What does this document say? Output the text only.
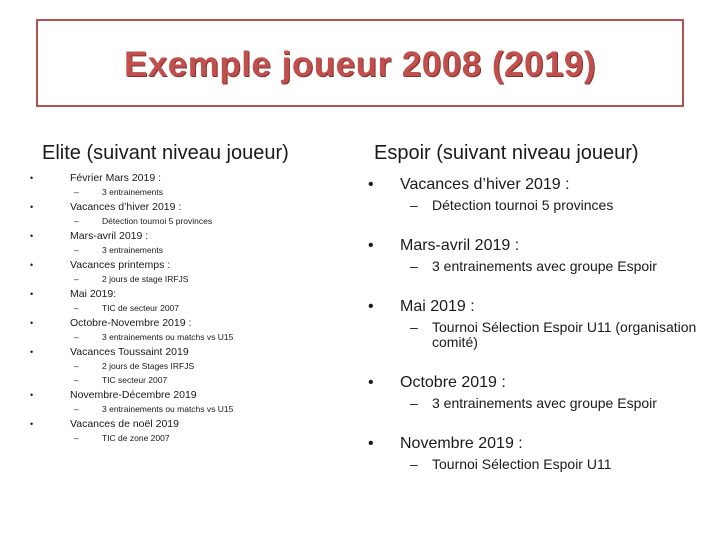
Exemple joueur 2008 (2019)
Elite (suivant niveau joueur)	Espoir (suivant niveau joueur)
•	Février Mars 2019 :
–	3 entrainements
•	Vacances d’hiver 2019 :
–	Détection tournoi 5 provinces
•	Mars-avril 2019 :
–	3 entrainements
•	Vacances printemps :
–	2 jours de stage IRFJS
•	Mai 2019:
–	TIC de secteur 2007
•	Octobre-Novembre 2019 :
–	3 entrainements ou matchs vs U15
•	Vacances Toussaint 2019
–	2 jours de Stages IRFJS
–	TIC secteur 2007
•	Novembre-Décembre 2019
–	3 entrainements ou matchs vs U15
•	Vacances de noël 2019
–	TIC de zone 2007
•	Vacances d’hiver 2019 :
–	Détection tournoi 5 provinces
•	Mars-avril 2019 :
–	3 entrainements avec groupe Espoir
•	Mai 2019 :
–	Tournoi Sélection Espoir U11 (organisation comité)
•	Octobre 2019 :
–	3 entrainements avec groupe Espoir
•	Novembre 2019 :
–	Tournoi Sélection Espoir U11
